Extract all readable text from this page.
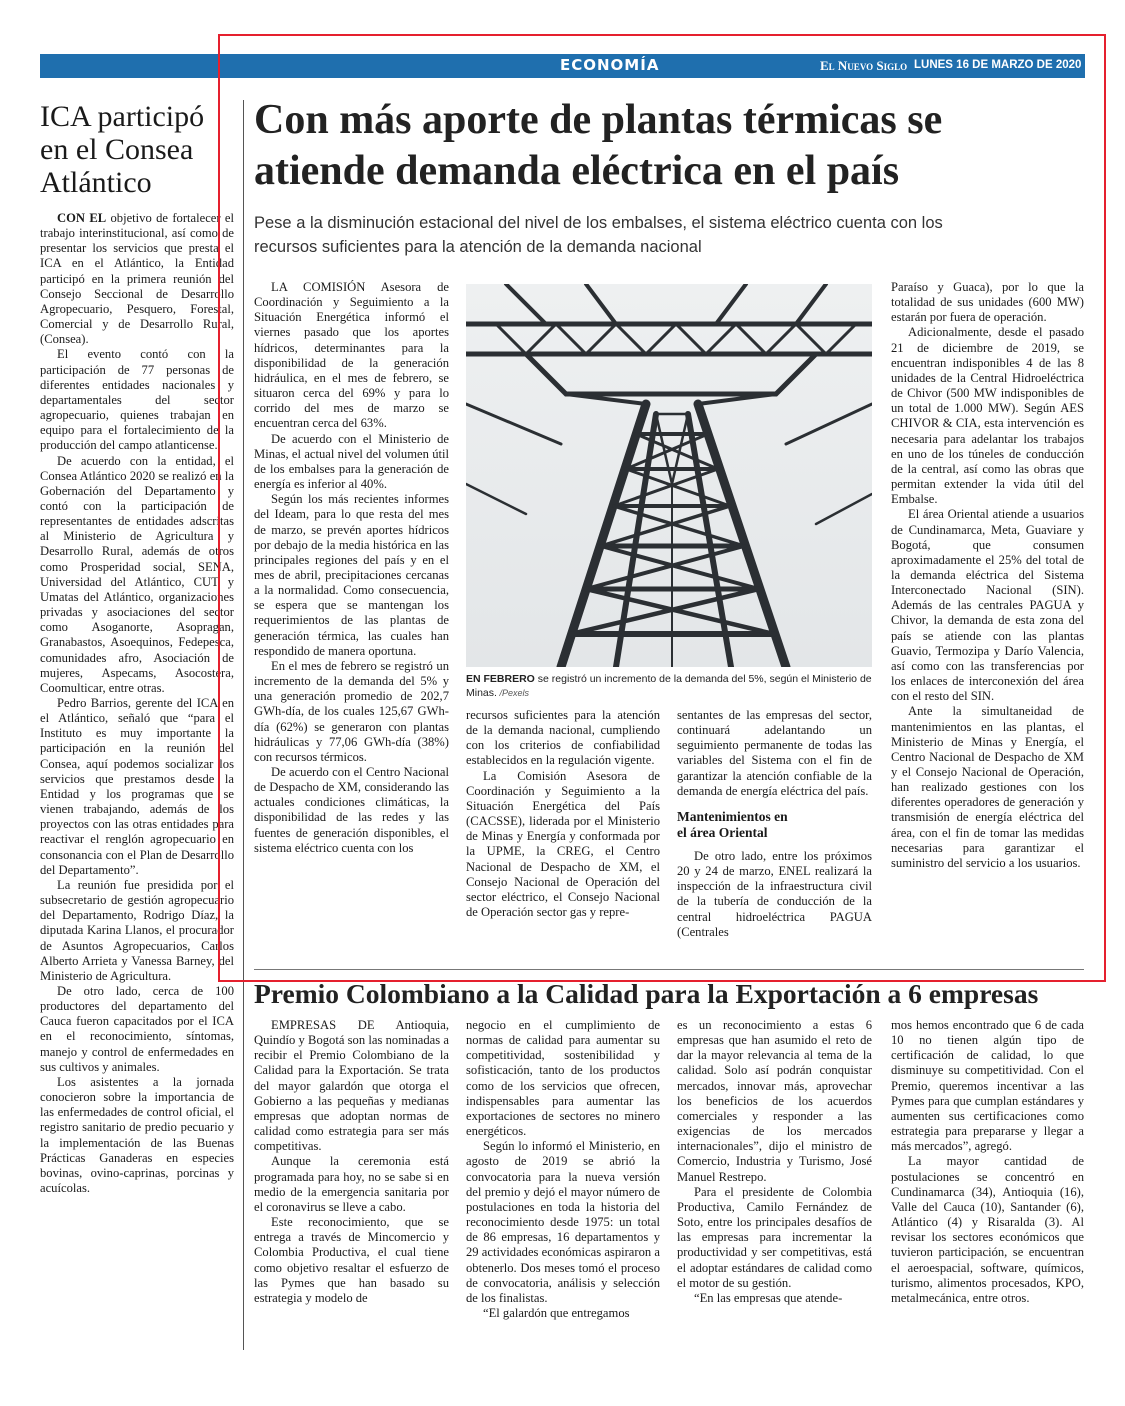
ECONOMÍA	El Nuevo Siglo LUNES 16 DE MARZO DE 2020 7B
ICA participó
en el Consea
Atlántico

CON EL objetivo de fortalecer el trabajo interinstitucional, así como de presentar los servicios que presta el ICA en el Atlántico, la Entidad participó en la primera reunión del Consejo Seccional de Desarrollo Agropecuario, Pesquero, Forestal, Comercial y de Desarrollo Rural, (Consea).

El evento contó con la participación de 77 personas de diferentes entidades nacionales y departamentales del sector agropecuario, quienes trabajan en equipo para el fortalecimiento de la producción del campo atlanticense.

De acuerdo con la entidad, el Consea Atlántico 2020 se realizó en la Gobernación del Departamento y contó con la participación de representantes de entidades adscritas al Ministerio de Agricultura y Desarrollo Rural, además de otros como Prosperidad social, SENA, Universidad del Atlántico, CUT y Umatas del Atlántico, organizaciones privadas y asociaciones del sector como Asoganorte, Asopragan, Granabastos, Asoequinos, Fedepesca, comunidades afro, Asociación de mujeres, Aspecams, Asocostera, Coomulticar, entre otras.

Pedro Barrios, gerente del ICA en el Atlántico, señaló que “para el Instituto es muy importante la participación en la reunión del Consea, aquí podemos socializar los servicios que prestamos desde la Entidad y los programas que se vienen trabajando, además de los proyectos con las otras entidades para reactivar el renglón agropecuario en consonancia con el Plan de Desarrollo del Departamento”.

La reunión fue presidida por el subsecretario de gestión agropecuario del Departamento, Rodrigo Díaz, la diputada Karina Llanos, el procurador de Asuntos Agropecuarios, Carlos Alberto Arrieta y Vanessa Barney, del Ministerio de Agricultura.

De otro lado, cerca de 100 productores del departamento del Cauca fueron capacitados por el ICA en el reconocimiento, síntomas, manejo y control de enfermedades en sus cultivos y animales.

Los asistentes a la jornada conocieron sobre la importancia de las enfermedades de control oficial, el registro sanitario de predio pecuario y la implementación de las Buenas Prácticas Ganaderas en especies bovinas, ovino-caprinas, porcinas y acuícolas.

Con más aporte de plantas térmicas se
atiende demanda eléctrica en el país
Pese a la disminución estacional del nivel de los embalses, el sistema eléctrico cuenta con los
recursos suficientes para la atención de la demanda nacional

LA COMISIÓN Asesora de Coordinación y Seguimiento a la Situación Energética informó el viernes pasado que los aportes hídricos, determinantes para la disponibilidad de la generación hidráulica, en el mes de febrero, se situaron cerca del 69% y para lo corrido del mes de marzo se encuentran cerca del 63%.

De acuerdo con el Ministerio de Minas, el actual nivel del volumen útil de los embalses para la generación de energía es inferior al 40%.

Según los más recientes informes del Ideam, para lo que resta del mes de marzo, se prevén aportes hídricos por debajo de la media histórica en las principales regiones del país y en el mes de abril, precipitaciones cercanas a la normalidad. Como consecuencia, se espera que se mantengan los requerimientos de las plantas de generación térmica, las cuales han respondido de manera oportuna.

En el mes de febrero se registró un incremento de la demanda del 5% y una generación promedio de 202,7 GWh-día, de los cuales 125,67 GWh-día (62%) se generaron con plantas hidráulicas y 77,06 GWh-día (38%) con recursos térmicos.

De acuerdo con el Centro Nacional de Despacho de XM, considerando las actuales condiciones climáticas, la disponibilidad de las redes y las fuentes de generación disponibles, el sistema eléctrico cuenta con los

EN FEBRERO se registró un incremento de la demanda del 5%, según el Ministerio de Minas. /Pexels

recursos suficientes para la atención de la demanda nacional, cumpliendo con los criterios de confiabilidad establecidos en la regulación vigente.

La Comisión Asesora de Coordinación y Seguimiento a la Situación Energética del País (CACSSE), liderada por el Ministerio de Minas y Energía y conformada por la UPME, la CREG, el Centro Nacional de Despacho de XM, el Consejo Nacional de Operación del sector eléctrico, el Consejo Nacional de Operación sector gas y repre-

sentantes de las empresas del sector, continuará adelantando un seguimiento permanente de todas las variables del Sistema con el fin de garantizar la atención confiable de la demanda de energía eléctrica del país.

Mantenimientos en
el área Oriental

De otro lado, entre los próximos 20 y 24 de marzo, ENEL realizará la inspección de la infraestructura civil de la tubería de conducción de la central hidroeléctrica PAGUA (Centrales

Paraíso y Guaca), por lo que la totalidad de sus unidades (600 MW) estarán por fuera de operación.

Adicionalmente, desde el pasado 21 de diciembre de 2019, se encuentran indisponibles 4 de las 8 unidades de la Central Hidroeléctrica de Chivor (500 MW indisponibles de un total de 1.000 MW). Según AES CHIVOR & CIA, esta intervención es necesaria para adelantar los trabajos en uno de los túneles de conducción de la central, así como las obras que permitan extender la vida útil del Embalse.

El área Oriental atiende a usuarios de Cundinamarca, Meta, Guaviare y Bogotá, que consumen aproximadamente el 25% del total de la demanda eléctrica del Sistema Interconectado Nacional (SIN). Además de las centrales PAGUA y Chivor, la demanda de esta zona del país se atiende con las plantas Guavio, Termozipa y Darío Valencia, así como con las transferencias por los enlaces de interconexión del área con el resto del SIN.

Ante la simultaneidad de mantenimientos en las plantas, el Ministerio de Minas y Energía, el Centro Nacional de Despacho de XM y el Consejo Nacional de Operación, han realizado gestiones con los diferentes operadores de generación y transmisión de energía eléctrica del área, con el fin de tomar las medidas necesarias para garantizar el suministro del servicio a los usuarios.

Premio Colombiano a la Calidad para la Exportación a 6 empresas

EMPRESAS DE Antioquia, Quindío y Bogotá son las nominadas a recibir el Premio Colombiano de la Calidad para la Exportación. Se trata del mayor galardón que otorga el Gobierno a las pequeñas y medianas empresas que adoptan normas de calidad como estrategia para ser más competitivas.

Aunque la ceremonia está programada para hoy, no se sabe si en medio de la emergencia sanitaria por el coronavirus se lleve a cabo.

Este reconocimiento, que se entrega a través de Mincomercio y Colombia Productiva, el cual tiene como objetivo resaltar el esfuerzo de las Pymes que han basado su estrategia y modelo de

negocio en el cumplimiento de normas de calidad para aumentar su competitividad, sostenibilidad y sofisticación, tanto de los productos como de los servicios que ofrecen, indispensables para aumentar las exportaciones de sectores no minero energéticos.

Según lo informó el Ministerio, en agosto de 2019 se abrió la convocatoria para la nueva versión del premio y dejó el mayor número de postulaciones en toda la historia del reconocimiento desde 1975: un total de 86 empresas, 16 departamentos y 29 actividades económicas aspiraron a obtenerlo. Dos meses tomó el proceso de convocatoria, análisis y selección de los finalistas.

“El galardón que entregamos

es un reconocimiento a estas 6 empresas que han asumido el reto de dar la mayor relevancia al tema de la calidad. Solo así podrán conquistar mercados, innovar más, aprovechar los beneficios de los acuerdos comerciales y responder a las exigencias de los mercados internacionales”, dijo el ministro de Comercio, Industria y Turismo, José Manuel Restrepo.

Para el presidente de Colombia Productiva, Camilo Fernández de Soto, entre los principales desafíos de las empresas para incrementar la productividad y ser competitivas, está el adoptar estándares de calidad como el motor de su gestión.

“En las empresas que atende-

mos hemos encontrado que 6 de cada 10 no tienen algún tipo de certificación de calidad, lo que disminuye su competitividad. Con el Premio, queremos incentivar a las Pymes para que cumplan estándares y aumenten sus certificaciones como estrategia para prepararse y llegar a más mercados”, agregó.

La mayor cantidad de postulaciones se concentró en Cundinamarca (34), Antioquia (16), Valle del Cauca (10), Santander (6), Atlántico (4) y Risaralda (3). Al revisar los sectores económicos que tuvieron participación, se encuentran el aeroespacial, software, químicos, turismo, alimentos procesados, KPO, metalmecánica, entre otros.
